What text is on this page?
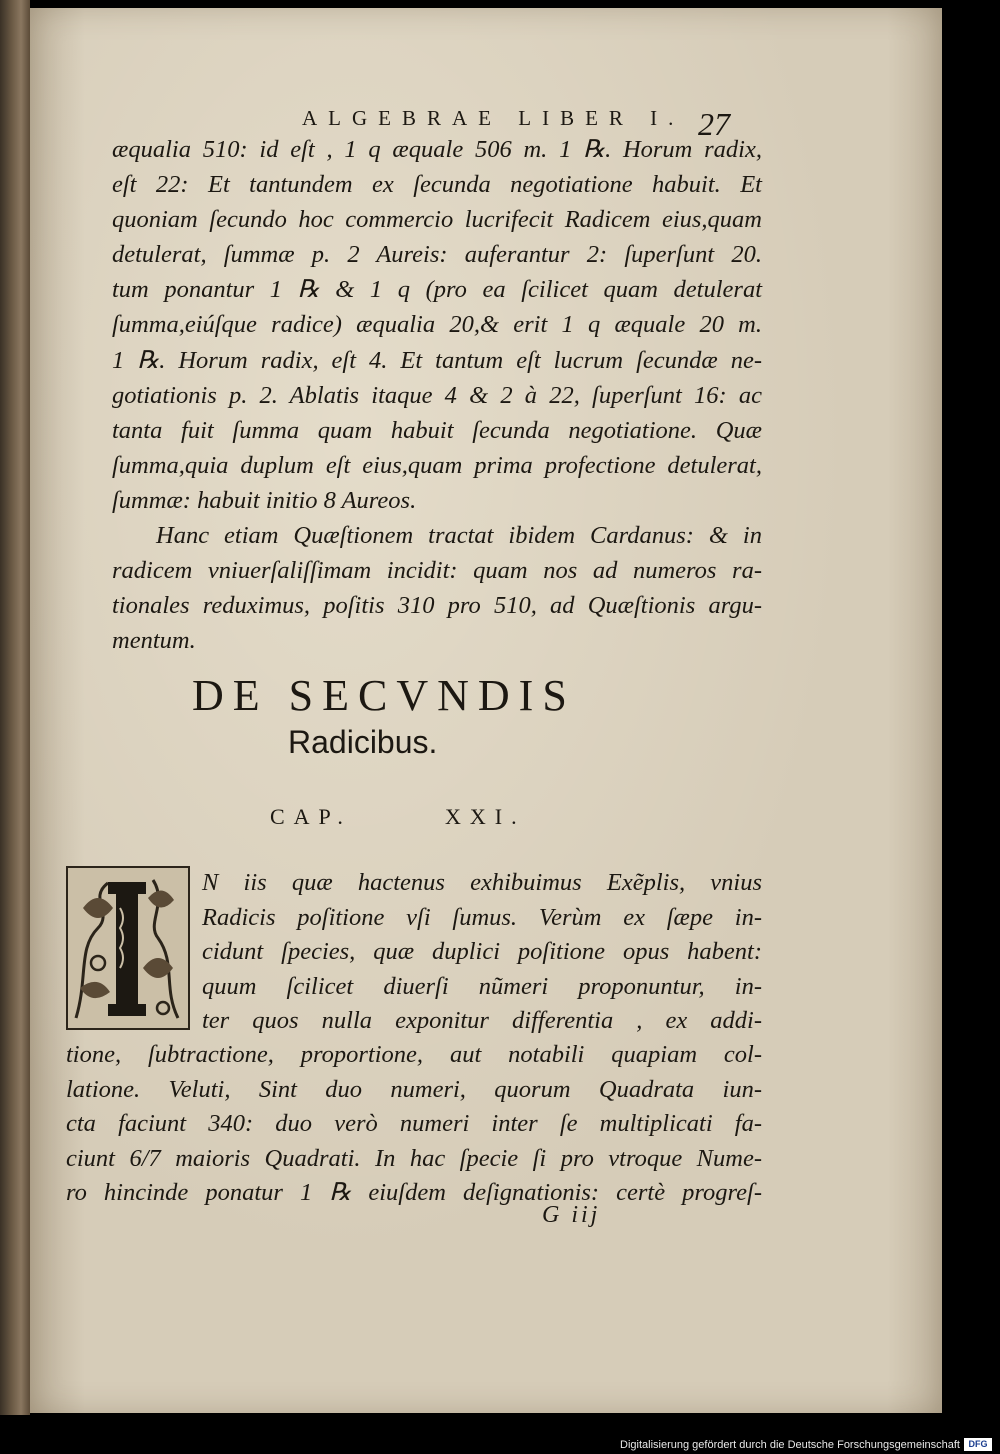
ALGEBRAE LIBER I. 27
æqualia 510: id eſt , 1 q æquale 506 m. 1 ℞. Horum radix,
eſt 22: Et tantundem ex ſecunda negotiatione habuit. Et
quoniam ſecundo hoc commercio lucrifecit Radicem eius,quam
detulerat, ſummæ p. 2 Aureis: auferantur 2: ſuperſunt 20.
tum ponantur 1 ℞ & 1 q (pro ea ſcilicet quam detulerat
ſumma,eiúſque radice) æqualia 20,& erit 1 q æquale 20 m.
1 ℞. Horum radix, eſt 4. Et tantum eſt lucrum ſecundæ ne-
gotiationis p. 2. Ablatis itaque 4 & 2 à 22, ſuperſunt 16: ac
tanta fuit ſumma quam habuit ſecunda negotiatione. Quæ
ſumma,quia duplum eſt eius,quam prima profectione detulerat,
ſummæ: habuit initio 8 Aureos.
Hanc etiam Quæſtionem tractat ibidem Cardanus: & in
radicem vniuerſaliſſimam incidit: quam nos ad numeros ra-
tionales reduximus, poſitis 310 pro 510, ad Quæſtionis argu-
mentum.
DE SECVNDIS
Radicibus.
CAP.	XXI.
N iis quæ hactenus exhibuimus Exẽplis, vnius
Radicis poſitione vſi ſumus. Verùm ex ſæpe in-
cidunt ſpecies, quæ duplici poſitione opus habent:
quum ſcilicet diuerſi nũmeri proponuntur, in-
ter quos nulla exponitur differentia , ex addi-
tione, ſubtractione, proportione, aut notabili quapiam col-
latione. Veluti, Sint duo numeri, quorum Quadrata iun-
cta faciunt 340: duo verò numeri inter ſe multiplicati fa-
ciunt 6/7 maioris Quadrati. In hac ſpecie ſi pro vtroque Nume-
ro hincinde ponatur 1 ℞ eiuſdem deſignationis: certè progreſ-
G iij
Digitalisierung gefördert durch die Deutsche Forschungsgemeinschaft DFG
